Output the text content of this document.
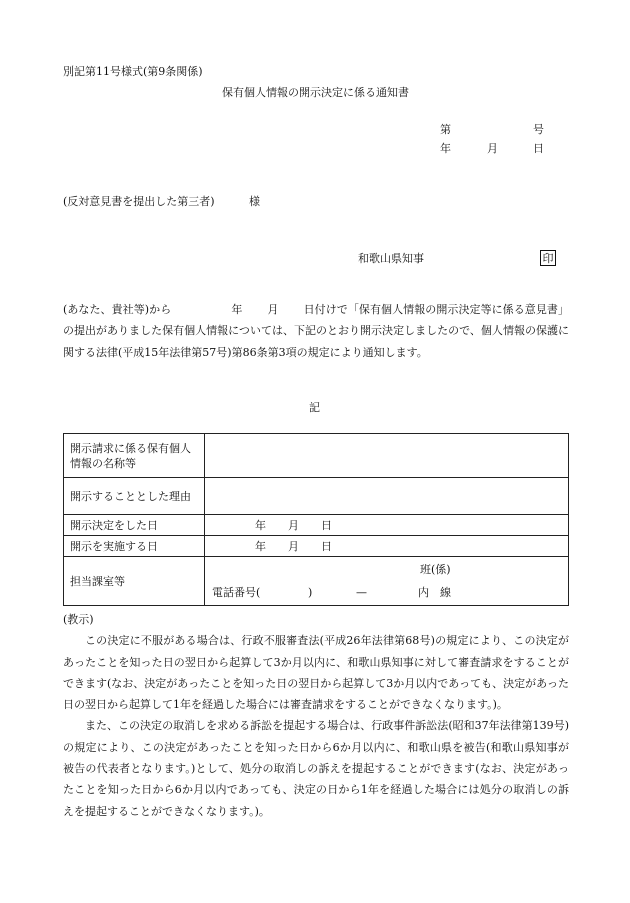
別記第11号様式(第9条関係)
保有個人情報の開示決定に係る通知書
第	号
年	月	日
(反対意見書を提出した第三者)	様
和歌山県知事	印

(あなた、貴社等)から	年 月 日付けで「保有個人情報の開示決定等に係る意見書」の提出がありました保有個人情報については、下記のとおり開示決定しましたので、個人情報の保護に関する法律(平成15年法律第57号)第86条第3項の規定により通知します。

記
開示請求に係る保有個人情報の名称等	
開示することとした理由	
開示決定をした日	年 月 日
開示を実施する日	年 月 日
担当課室等	班(係)
電話番号( ) — 内　線

(教示)

この決定に不服がある場合は、行政不服審査法(平成26年法律第68号)の規定により、この決定があったことを知った日の翌日から起算して3か月以内に、和歌山県知事に対して審査請求をすることができます(なお、決定があったことを知った日の翌日から起算して3か月以内であっても、決定があった日の翌日から起算して1年を経過した場合には審査請求をすることができなくなります。)。

また、この決定の取消しを求める訴訟を提起する場合は、行政事件訴訟法(昭和37年法律第139号)の規定により、この決定があったことを知った日から6か月以内に、和歌山県を被告(和歌山県知事が被告の代表者となります。)として、処分の取消しの訴えを提起することができます(なお、決定があったことを知った日から6か月以内であっても、決定の日から1年を経過した場合には処分の取消しの訴えを提起することができなくなります。)。
